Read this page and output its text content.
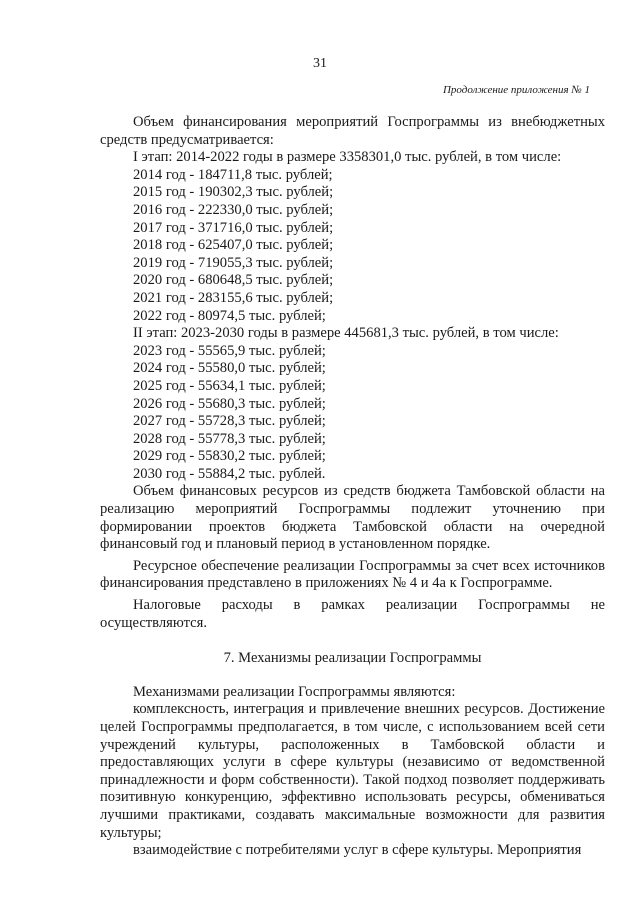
31
Продолжение приложения № 1

Объем финансирования мероприятий Госпрограммы из внебюджетных средств предусматривается:

I этап: 2014-2022 годы в размере 3358301,0 тыс. рублей, в том числе:

2014 год - 184711,8 тыс. рублей;

2015 год - 190302,3 тыс. рублей;

2016 год - 222330,0 тыс. рублей;

2017 год - 371716,0 тыс. рублей;

2018 год - 625407,0 тыс. рублей;

2019 год - 719055,3 тыс. рублей;

2020 год - 680648,5 тыс. рублей;

2021 год - 283155,6 тыс. рублей;

2022 год - 80974,5 тыс. рублей;

II этап: 2023-2030 годы в размере 445681,3 тыс. рублей, в том числе:

2023 год - 55565,9 тыс. рублей;

2024 год - 55580,0 тыс. рублей;

2025 год - 55634,1 тыс. рублей;

2026 год - 55680,3 тыс. рублей;

2027 год - 55728,3 тыс. рублей;

2028 год - 55778,3 тыс. рублей;

2029 год - 55830,2 тыс. рублей;

2030 год - 55884,2 тыс. рублей.

Объем финансовых ресурсов из средств бюджета Тамбовской области на реализацию мероприятий Госпрограммы подлежит уточнению при формировании проектов бюджета Тамбовской области на очередной финансовый год и плановый период в установленном порядке.

Ресурсное обеспечение реализации Госпрограммы за счет всех источников финансирования представлено в приложениях № 4 и 4а к Госпрограмме.

Налоговые расходы в рамках реализации Госпрограммы не осуществляются.

7. Механизмы реализации Госпрограммы

Механизмами реализации Госпрограммы являются:

комплексность, интеграция и привлечение внешних ресурсов. Достижение целей Госпрограммы предполагается, в том числе, с использованием всей сети учреждений культуры, расположенных в Тамбовской области и предоставляющих услуги в сфере культуры (независимо от ведомственной принадлежности и форм собственности). Такой подход позволяет поддерживать позитивную конкуренцию, эффективно использовать ресурсы, обмениваться лучшими практиками, создавать максимальные возможности для развития культуры;

взаимодействие с потребителями услуг в сфере культуры. Мероприятия
